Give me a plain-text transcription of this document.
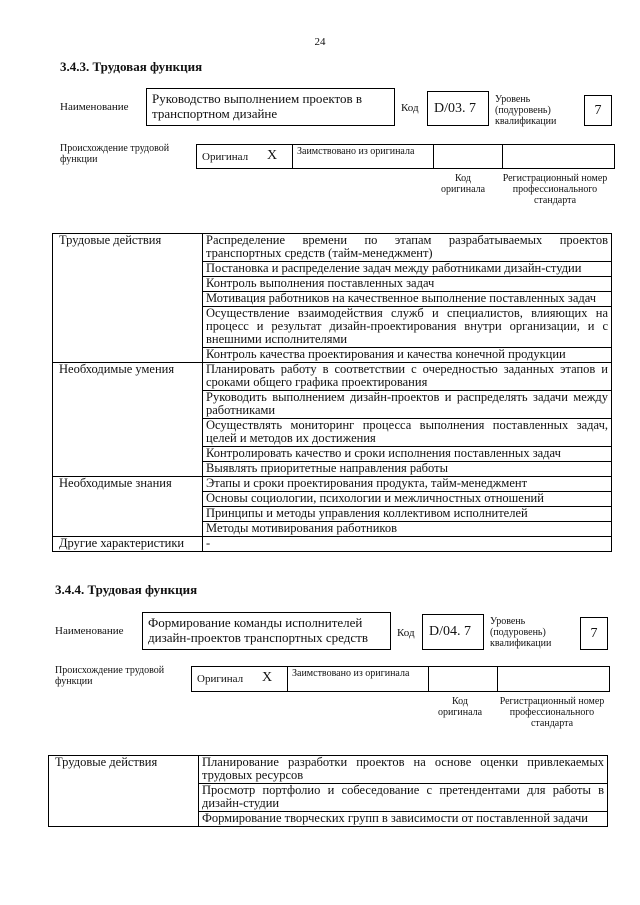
24
3.4.3. Трудовая функция
Наименование
Руководство выполнением проектов в транспортном дизайне	Код	D/03. 7
Уровень (подуровень) квалификации
7
Происхождение трудовой функции	Оригинал X Заимствовано из оригинала
Код оригинала
Регистрационный номер профессионального стандарта
Трудовые действия	Распределение времени по этапам разрабатываемых проектов транспортных средств (тайм-менеджмент)
	Постановка и распределение задач между работниками дизайн-студии
	Контроль выполнения поставленных задач
	Мотивация работников на качественное выполнение поставленных задач
	Осуществление взаимодействия служб и специалистов, влияющих на процесс и результат дизайн-проектирования внутри организации, и с внешними исполнителями
	Контроль качества проектирования и качества конечной продукции
Необходимые умения	Планировать работу в соответствии с очередностью заданных этапов и сроками общего графика проектирования
	Руководить выполнением дизайн-проектов и распределять задачи между работниками
	Осуществлять мониторинг процесса выполнения поставленных задач, целей и методов их достижения
	Контролировать качество и сроки исполнения поставленных задач
	Выявлять приоритетные направления работы
Необходимые знания	Этапы и сроки проектирования продукта, тайм-менеджмент
	Основы социологии, психологии и межличностных отношений
	Принципы и методы управления коллективом исполнителей
	Методы мотивирования работников
Другие характеристики	-
3.4.4. Трудовая функция
Наименование
Формирование команды исполнителей дизайн-проектов транспортных средств	Код	D/04. 7
Уровень (подуровень) квалификации
7
Происхождение трудовой функции	Оригинал X Заимствовано из оригинала
Код оригинала
Регистрационный номер профессионального стандарта
Трудовые действия	Планирование разработки проектов на основе оценки привлекаемых трудовых ресурсов
Просмотр портфолио и собеседование с претендентами для работы в дизайн-студии
Формирование творческих групп в зависимости от поставленной задачи
